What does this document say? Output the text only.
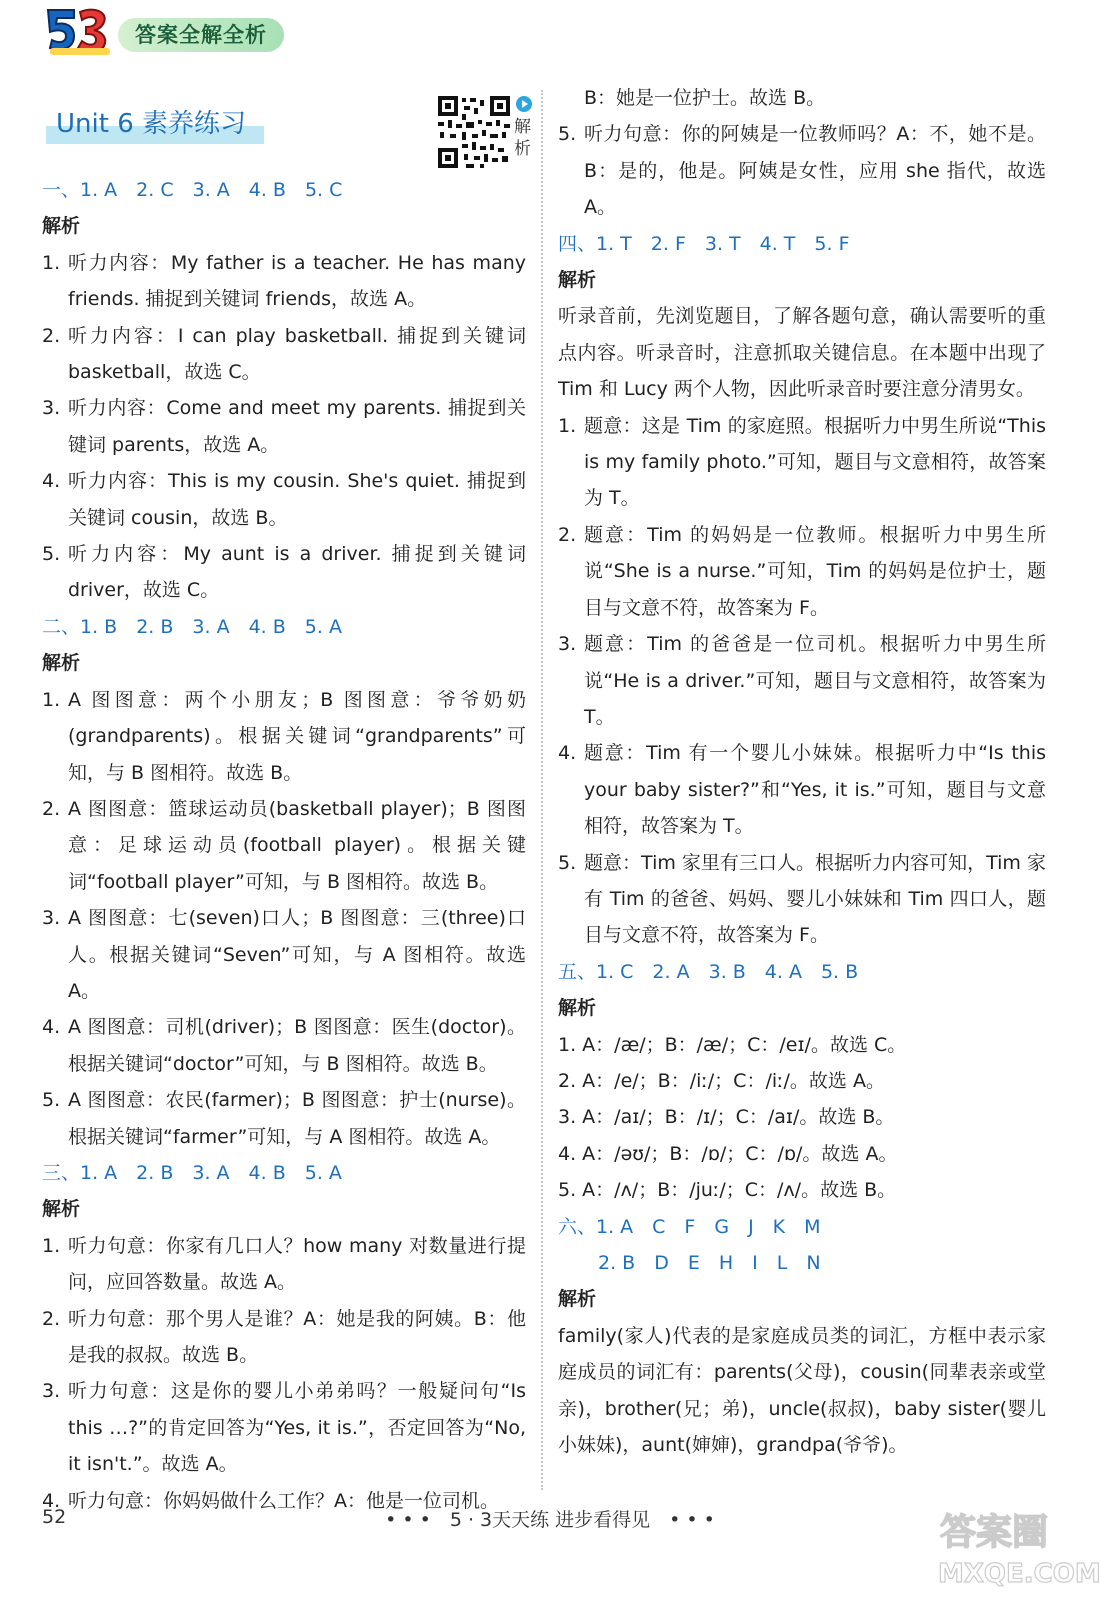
答案全解全析
Unit 6 素养练习	解
析
一、1. A　2. C　3. A　4. B　5. C
解析
1. 听力内容：My father is a teacher. He has many friends. 捕捉到关键词 friends，故选 A。
2. 听力内容：I can play basketball. 捕捉到关键词 basketball，故选 C。
3. 听力内容：Come and meet my parents. 捕捉到关键词 parents，故选 A。
4. 听力内容：This is my cousin. She's quiet. 捕捉到关键词 cousin，故选 B。
5. 听力内容：My aunt is a driver. 捕捉到关键词 driver，故选 C。
二、1. B　2. B　3. A　4. B　5. A
解析
1. A 图图意：两个小朋友；B 图图意：爷爷奶奶(grandparents)。根据关键词“grandparents”可知，与 B 图相符。故选 B。
2. A 图图意：篮球运动员(basketball player)；B 图图意：足球运动员(football player)。根据关键词“football player”可知，与 B 图相符。故选 B。
3. A 图图意：七(seven)口人；B 图图意：三(three)口人。根据关键词“Seven”可知，与 A 图相符。故选 A。
4. A 图图意：司机(driver)；B 图图意：医生(doctor)。根据关键词“doctor”可知，与 B 图相符。故选 B。
5. A 图图意：农民(farmer)；B 图图意：护士(nurse)。根据关键词“farmer”可知，与 A 图相符。故选 A。
三、1. A　2. B　3. A　4. B　5. A
解析
1. 听力句意：你家有几口人？how many 对数量进行提问，应回答数量。故选 A。
2. 听力句意：那个男人是谁？A：她是我的阿姨。B：他是我的叔叔。故选 B。
3. 听力句意：这是你的婴儿小弟弟吗？一般疑问句“Is this …?”的肯定回答为“Yes, it is.”，否定回答为“No, it isn't.”。故选 A。
4. 听力句意：你妈妈做什么工作？A：他是一位司机。
B：她是一位护士。故选 B。
5. 听力句意：你的阿姨是一位教师吗？A：不，她不是。B：是的，他是。阿姨是女性，应用 she 指代，故选 A。
四、1. T　2. F　3. T　4. T　5. F
解析
听录音前，先浏览题目，了解各题句意，确认需要听的重点内容。听录音时，注意抓取关键信息。在本题中出现了 Tim 和 Lucy 两个人物，因此听录音时要注意分清男女。
1. 题意：这是 Tim 的家庭照。根据听力中男生所说“This is my family photo.”可知，题目与文意相符，故答案为 T。
2. 题意：Tim 的妈妈是一位教师。根据听力中男生所说“She is a nurse.”可知，Tim 的妈妈是位护士，题目与文意不符，故答案为 F。
3. 题意：Tim 的爸爸是一位司机。根据听力中男生所说“He is a driver.”可知，题目与文意相符，故答案为 T。
4. 题意：Tim 有一个婴儿小妹妹。根据听力中“Is this your baby sister?”和“Yes, it is.”可知，题目与文意相符，故答案为 T。
5. 题意：Tim 家里有三口人。根据听力内容可知，Tim 家有 Tim 的爸爸、妈妈、婴儿小妹妹和 Tim 四口人，题目与文意不符，故答案为 F。
五、1. C　2. A　3. B　4. A　5. B
解析
1. A：/æ/；B：/æ/；C：/eɪ/。故选 C。
2. A：/e/；B：/iː/；C：/iː/。故选 A。
3. A：/aɪ/；B：/ɪ/；C：/aɪ/。故选 B。
4. A：/əʊ/；B：/ɒ/；C：/ɒ/。故选 A。
5. A：/ʌ/；B：/juː/；C：/ʌ/。故选 B。
六、1. A　C　F　G　J　K　M
2. B　D　E　H　I　L　N
解析
family(家人)代表的是家庭成员类的词汇，方框中表示家庭成员的词汇有：parents(父母)，cousin(同辈表亲或堂亲)，brother(兄；弟)，uncle(叔叔)，baby sister(婴儿小妹妹)，aunt(婶婶)，grandpa(爷爷)。
52	• • •　5 · 3天天练 进步看得见　• • •	答案圈
MXQE.COM
